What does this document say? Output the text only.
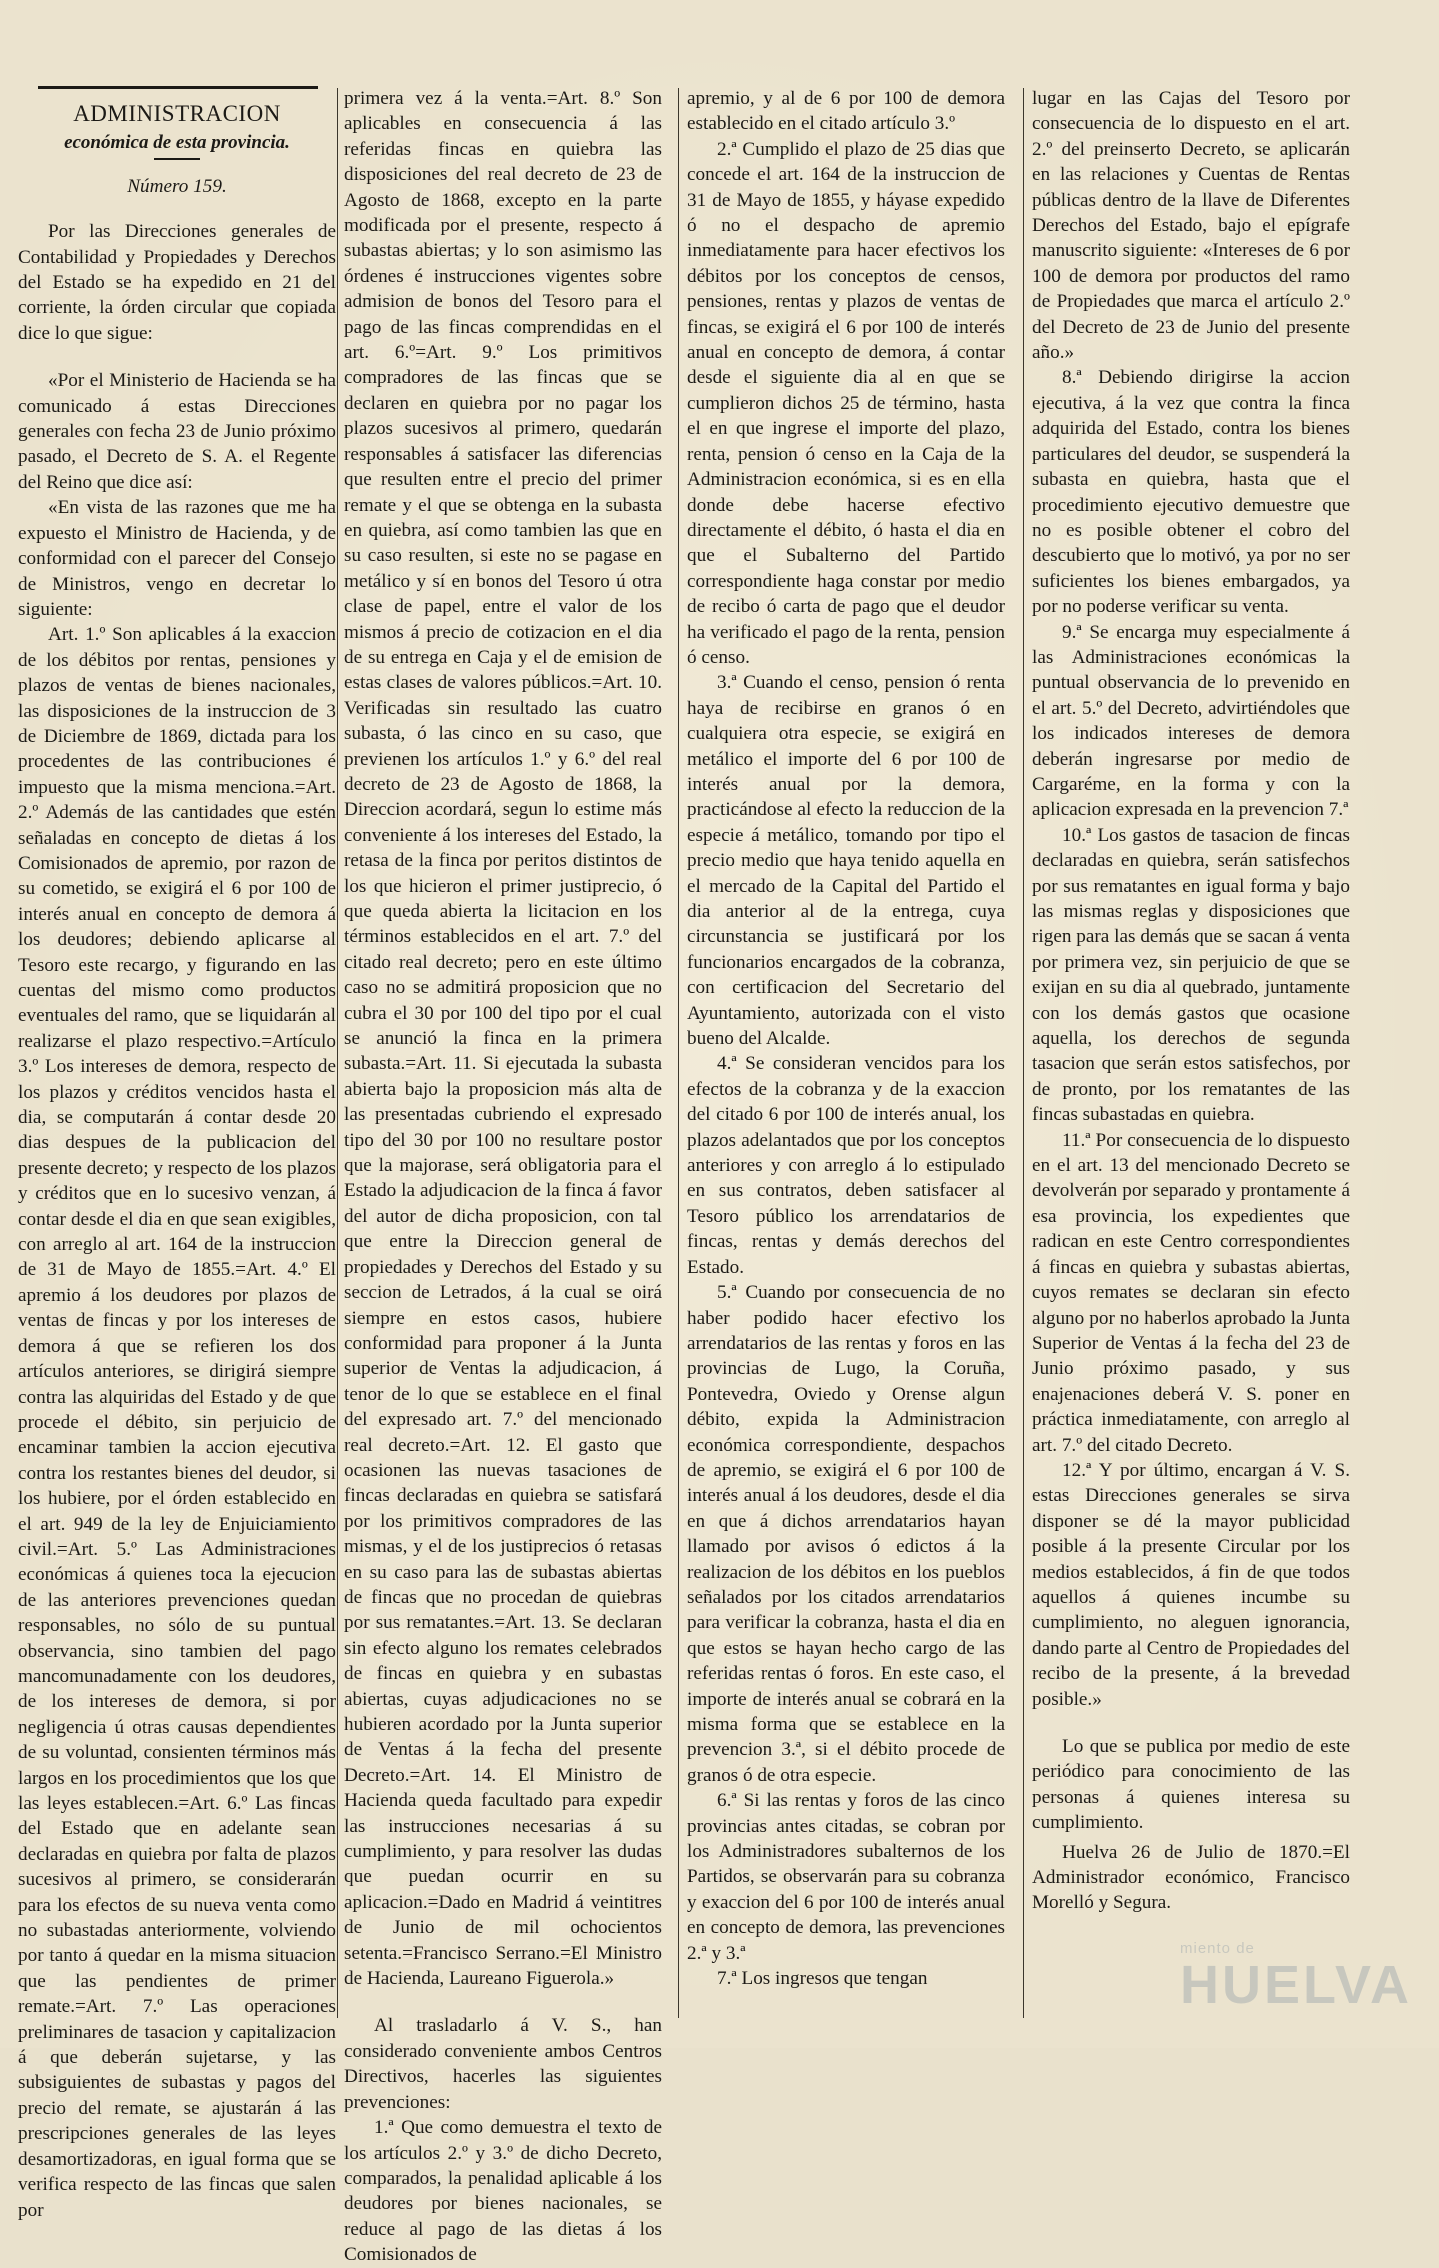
ADMINISTRACION
económica de esta provincia.
Número 159.

Por las Direcciones generales de Contabilidad y Propiedades y Derechos del Estado se ha expedido en 21 del corriente, la órden circular que copiada dice lo que sigue:

«Por el Ministerio de Hacienda se ha comunicado á estas Direcciones generales con fecha 23 de Junio próximo pasado, el Decreto de S. A. el Regente del Reino que dice así:

«En vista de las razones que me ha expuesto el Ministro de Hacienda, y de conformidad con el parecer del Consejo de Ministros, vengo en decretar lo siguiente:

Art. 1.º Son aplicables á la exaccion de los débitos por rentas, pensiones y plazos de ventas de bienes nacionales, las disposiciones de la instruccion de 3 de Diciembre de 1869, dictada para los procedentes de las contribuciones é impuesto que la misma menciona.=Art. 2.º Además de las cantidades que estén señaladas en concepto de dietas á los Comisionados de apremio, por razon de su cometido, se exigirá el 6 por 100 de interés anual en concepto de demora á los deudores; debiendo aplicarse al Tesoro este recargo, y figurando en las cuentas del mismo como productos eventuales del ramo, que se liquidarán al realizarse el plazo respectivo.=Artículo 3.º Los intereses de demora, respecto de los plazos y créditos vencidos hasta el dia, se computarán á contar desde 20 dias despues de la publicacion del presente decreto; y respecto de los plazos y créditos que en lo sucesivo venzan, á contar desde el dia en que sean exigibles, con arreglo al art. 164 de la instruccion de 31 de Mayo de 1855.=Art. 4.º El apremio á los deudores por plazos de ventas de fincas y por los intereses de demora á que se refieren los dos artículos anteriores, se dirigirá siempre contra las alquiridas del Estado y de que procede el débito, sin perjuicio de encaminar tambien la accion ejecutiva contra los restantes bienes del deudor, si los hubiere, por el órden establecido en el art. 949 de la ley de Enjuiciamiento civil.=Art. 5.º Las Administraciones económicas á quienes toca la ejecucion de las anteriores prevenciones quedan responsables, no sólo de su puntual observancia, sino tambien del pago mancomunadamente con los deudores, de los intereses de demora, si por negligencia ú otras causas dependientes de su voluntad, consienten términos más largos en los procedimientos que los que las leyes establecen.=Art. 6.º Las fincas del Estado que en adelante sean declaradas en quiebra por falta de plazos sucesivos al primero, se considerarán para los efectos de su nueva venta como no subastadas anteriormente, volviendo por tanto á quedar en la misma situacion que las pendientes de primer remate.=Art. 7.º Las operaciones preliminares de tasacion y capitalizacion á que deberán sujetarse, y las subsiguientes de subastas y pagos del precio del remate, se ajustarán á las prescripciones generales de las leyes desamortizadoras, en igual forma que se verifica respecto de las fincas que salen por

primera vez á la venta.=Art. 8.º Son aplicables en consecuencia á las referidas fincas en quiebra las disposiciones del real decreto de 23 de Agosto de 1868, excepto en la parte modificada por el presente, respecto á subastas abiertas; y lo son asimismo las órdenes é instrucciones vigentes sobre admision de bonos del Tesoro para el pago de las fincas comprendidas en el art. 6.º=Art. 9.º Los primitivos compradores de las fincas que se declaren en quiebra por no pagar los plazos sucesivos al primero, quedarán responsables á satisfacer las diferencias que resulten entre el precio del primer remate y el que se obtenga en la subasta en quiebra, así como tambien las que en su caso resulten, si este no se pagase en metálico y sí en bonos del Tesoro ú otra clase de papel, entre el valor de los mismos á precio de cotizacion en el dia de su entrega en Caja y el de emision de estas clases de valores públicos.=Art. 10. Verificadas sin resultado las cuatro subasta, ó las cinco en su caso, que previenen los artículos 1.º y 6.º del real decreto de 23 de Agosto de 1868, la Direccion acordará, segun lo estime más conveniente á los intereses del Estado, la retasa de la finca por peritos distintos de los que hicieron el primer justiprecio, ó que queda abierta la licitacion en los términos establecidos en el art. 7.º del citado real decreto; pero en este último caso no se admitirá proposicion que no cubra el 30 por 100 del tipo por el cual se anunció la finca en la primera subasta.=Art. 11. Si ejecutada la subasta abierta bajo la proposicion más alta de las presentadas cubriendo el expresado tipo del 30 por 100 no resultare postor que la majorase, será obligatoria para el Estado la adjudicacion de la finca á favor del autor de dicha proposicion, con tal que entre la Direccion general de propiedades y Derechos del Estado y su seccion de Letrados, á la cual se oirá siempre en estos casos, hubiere conformidad para proponer á la Junta superior de Ventas la adjudicacion, á tenor de lo que se establece en el final del expresado art. 7.º del mencionado real decreto.=Art. 12. El gasto que ocasionen las nuevas tasaciones de fincas declaradas en quiebra se satisfará por los primitivos compradores de las mismas, y el de los justiprecios ó retasas en su caso para las de subastas abiertas de fincas que no procedan de quiebras por sus rematantes.=Art. 13. Se declaran sin efecto alguno los remates celebrados de fincas en quiebra y en subastas abiertas, cuyas adjudicaciones no se hubieren acordado por la Junta superior de Ventas á la fecha del presente Decreto.=Art. 14. El Ministro de Hacienda queda facultado para expedir las instrucciones necesarias á su cumplimiento, y para resolver las dudas que puedan ocurrir en su aplicacion.=Dado en Madrid á veintitres de Junio de mil ochocientos setenta.=Francisco Serrano.=El Ministro de Hacienda, Laureano Figuerola.»

Al trasladarlo á V. S., han considerado conveniente ambos Centros Directivos, hacerles las siguientes prevenciones:

1.ª Que como demuestra el texto de los artículos 2.º y 3.º de dicho Decreto, comparados, la penalidad aplicable á los deudores por bienes nacionales, se reduce al pago de las dietas á los Comisionados de

apremio, y al de 6 por 100 de demora establecido en el citado artículo 3.º

2.ª Cumplido el plazo de 25 dias que concede el art. 164 de la instruccion de 31 de Mayo de 1855, y háyase expedido ó no el despacho de apremio inmediatamente para hacer efectivos los débitos por los conceptos de censos, pensiones, rentas y plazos de ventas de fincas, se exigirá el 6 por 100 de interés anual en concepto de demora, á contar desde el siguiente dia al en que se cumplieron dichos 25 de término, hasta el en que ingrese el importe del plazo, renta, pension ó censo en la Caja de la Administracion económica, si es en ella donde debe hacerse efectivo directamente el débito, ó hasta el dia en que el Subalterno del Partido correspondiente haga constar por medio de recibo ó carta de pago que el deudor ha verificado el pago de la renta, pension ó censo.

3.ª Cuando el censo, pension ó renta haya de recibirse en granos ó en cualquiera otra especie, se exigirá en metálico el importe del 6 por 100 de interés anual por la demora, practicándose al efecto la reduccion de la especie á metálico, tomando por tipo el precio medio que haya tenido aquella en el mercado de la Capital del Partido el dia anterior al de la entrega, cuya circunstancia se justificará por los funcionarios encargados de la cobranza, con certificacion del Secretario del Ayuntamiento, autorizada con el visto bueno del Alcalde.

4.ª Se consideran vencidos para los efectos de la cobranza y de la exaccion del citado 6 por 100 de interés anual, los plazos adelantados que por los conceptos anteriores y con arreglo á lo estipulado en sus contratos, deben satisfacer al Tesoro público los arrendatarios de fincas, rentas y demás derechos del Estado.

5.ª Cuando por consecuencia de no haber podido hacer efectivo los arrendatarios de las rentas y foros en las provincias de Lugo, la Coruña, Pontevedra, Oviedo y Orense algun débito, expida la Administracion económica correspondiente, despachos de apremio, se exigirá el 6 por 100 de interés anual á los deudores, desde el dia en que á dichos arrendatarios hayan llamado por avisos ó edictos á la realizacion de los débitos en los pueblos señalados por los citados arrendatarios para verificar la cobranza, hasta el dia en que estos se hayan hecho cargo de las referidas rentas ó foros. En este caso, el importe de interés anual se cobrará en la misma forma que se establece en la prevencion 3.ª, si el débito procede de granos ó de otra especie.

6.ª Si las rentas y foros de las cinco provincias antes citadas, se cobran por los Administradores subalternos de los Partidos, se observarán para su cobranza y exaccion del 6 por 100 de interés anual en concepto de demora, las prevenciones 2.ª y 3.ª

7.ª Los ingresos que tengan

lugar en las Cajas del Tesoro por consecuencia de lo dispuesto en el art. 2.º del preinserto Decreto, se aplicarán en las relaciones y Cuentas de Rentas públicas dentro de la llave de Diferentes Derechos del Estado, bajo el epígrafe manuscrito siguiente: «Intereses de 6 por 100 de demora por productos del ramo de Propiedades que marca el artículo 2.º del Decreto de 23 de Junio del presente año.»

8.ª Debiendo dirigirse la accion ejecutiva, á la vez que contra la finca adquirida del Estado, contra los bienes particulares del deudor, se suspenderá la subasta en quiebra, hasta que el procedimiento ejecutivo demuestre que no es posible obtener el cobro del descubierto que lo motivó, ya por no ser suficientes los bienes embargados, ya por no poderse verificar su venta.

9.ª Se encarga muy especialmente á las Administraciones económicas la puntual observancia de lo prevenido en el art. 5.º del Decreto, advirtiéndoles que los indicados intereses de demora deberán ingresarse por medio de Cargaréme, en la forma y con la aplicacion expresada en la prevencion 7.ª

10.ª Los gastos de tasacion de fincas declaradas en quiebra, serán satisfechos por sus rematantes en igual forma y bajo las mismas reglas y disposiciones que rigen para las demás que se sacan á venta por primera vez, sin perjuicio de que se exijan en su dia al quebrado, juntamente con los demás gastos que ocasione aquella, los derechos de segunda tasacion que serán estos satisfechos, por de pronto, por los rematantes de las fincas subastadas en quiebra.

11.ª Por consecuencia de lo dispuesto en el art. 13 del mencionado Decreto se devolverán por separado y prontamente á esa provincia, los expedientes que radican en este Centro correspondientes á fincas en quiebra y subastas abiertas, cuyos remates se declaran sin efecto alguno por no haberlos aprobado la Junta Superior de Ventas á la fecha del 23 de Junio próximo pasado, y sus enajenaciones deberá V. S. poner en práctica inmediatamente, con arreglo al art. 7.º del citado Decreto.

12.ª Y por último, encargan á V. S. estas Direcciones generales se sirva disponer se dé la mayor publicidad posible á la presente Circular por los medios establecidos, á fin de que todos aquellos á quienes incumbe su cumplimiento, no aleguen ignorancia, dando parte al Centro de Propiedades del recibo de la presente, á la brevedad posible.»

Lo que se publica por medio de este periódico para conocimiento de las personas á quienes interesa su cumplimiento.

Huelva 26 de Julio de 1870.=El Administrador económico, Francisco Morelló y Segura.

miento de
HUELVA
